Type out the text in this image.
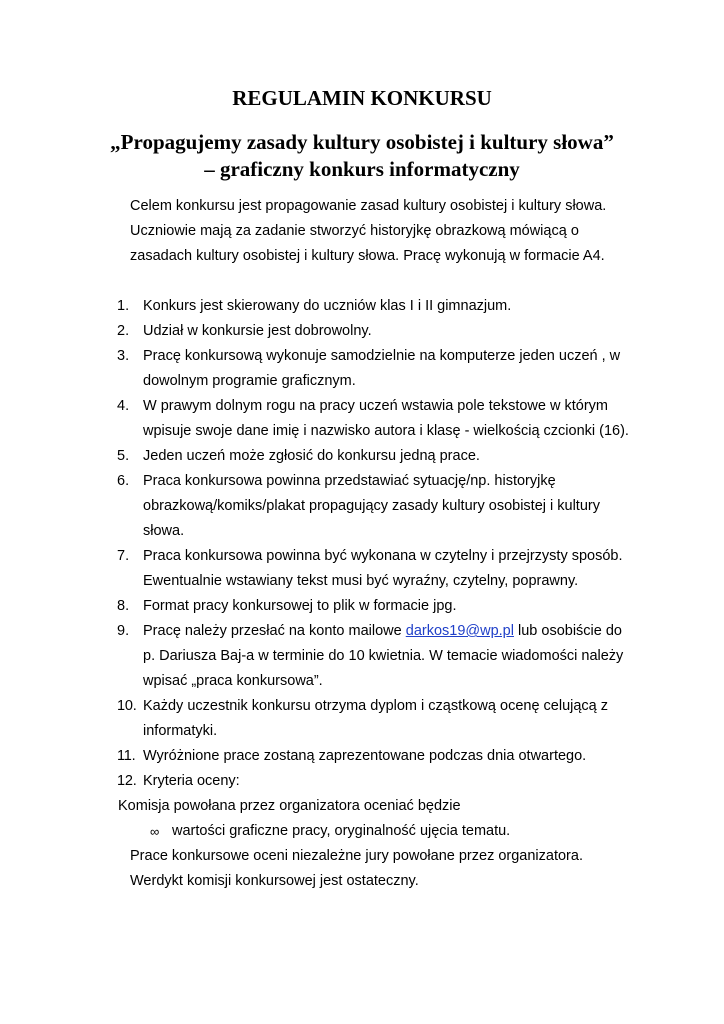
REGULAMIN KONKURSU
„Propagujemy zasady kultury osobistej i kultury słowa”
– graficzny konkurs informatyczny
Celem konkursu jest propagowanie zasad kultury osobistej i kultury słowa.
Uczniowie mają za zadanie stworzyć historyjkę obrazkową mówiącą o
zasadach kultury osobistej i kultury słowa. Pracę wykonują w formacie A4.
1. Konkurs jest skierowany do uczniów klas I i II gimnazjum.
2. Udział w konkursie jest dobrowolny.
3. Pracę konkursową wykonuje samodzielnie na komputerze jeden uczeń , w
dowolnym programie graficznym.
4. W prawym dolnym rogu na pracy uczeń wstawia pole tekstowe w którym
wpisuje swoje dane imię i nazwisko autora i klasę - wielkością czcionki (16).
5. Jeden uczeń może zgłosić do konkursu jedną prace.
6. Praca konkursowa powinna przedstawiać sytuację/np. historyjkę
obrazkową/komiks/plakat propagujący zasady kultury osobistej i kultury
słowa.
7. Praca konkursowa powinna być wykonana w czytelny i przejrzysty sposób.
Ewentualnie wstawiany tekst musi być wyraźny, czytelny, poprawny.
8. Format pracy konkursowej to plik w formacie jpg.
9. Pracę należy przesłać na konto mailowe darkos19@wp.pl lub osobiście do
p. Dariusza Baj-a w terminie do 10 kwietnia. W temacie wiadomości należy
wpisać „praca konkursowa”.
10. Każdy uczestnik konkursu otrzyma dyplom i cząstkową ocenę celującą z
informatyki.
11. Wyróżnione prace zostaną zaprezentowane podczas dnia otwartego.
12. Kryteria oceny:
Komisja powołana przez organizatora oceniać będzie
∞ wartości graficzne pracy, oryginalność ujęcia tematu.
Prace konkursowe oceni niezależne jury powołane przez organizatora.
Werdykt komisji konkursowej jest ostateczny.
